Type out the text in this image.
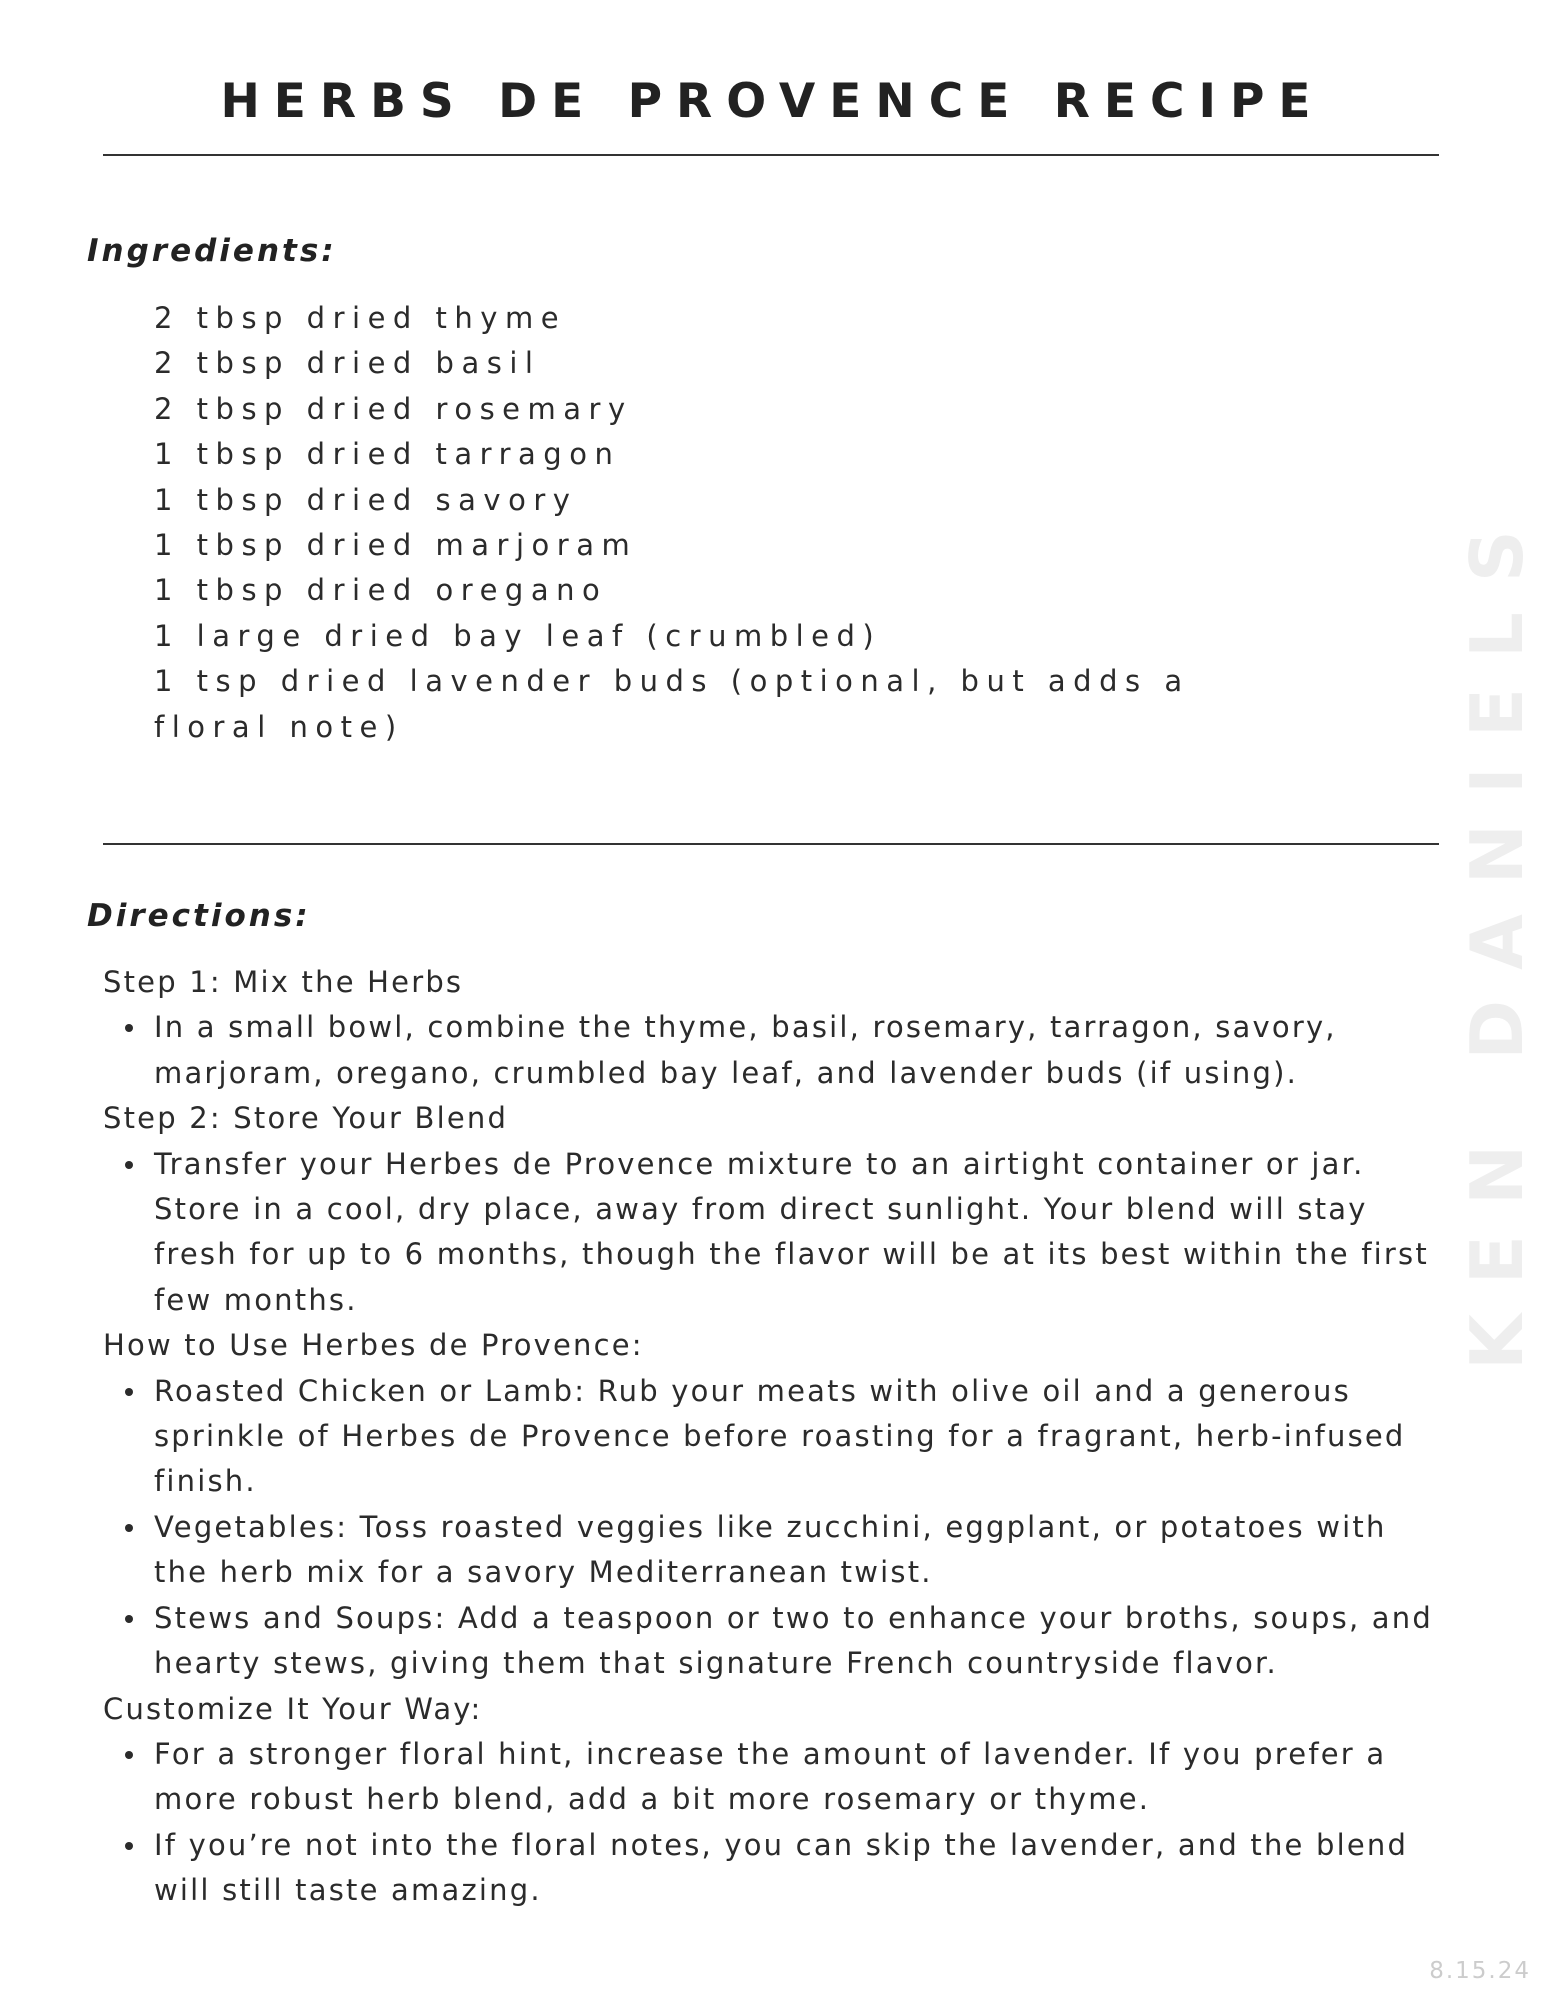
HERBS DE PROVENCE RECIPE
Ingredients:
2 tbsp dried thyme
2 tbsp dried basil
2 tbsp dried rosemary
1 tbsp dried tarragon
1 tbsp dried savory
1 tbsp dried marjoram
1 tbsp dried oregano
1 large dried bay leaf (crumbled)
1 tsp dried lavender buds (optional, but adds a floral note)
Directions:

Step 1: Mix the Herbs

In a small bowl, combine the thyme, basil, rosemary, tarragon, savory, marjoram, oregano, crumbled bay leaf, and lavender buds (if using).

Step 2: Store Your Blend

Transfer your Herbes de Provence mixture to an airtight container or jar. Store in a cool, dry place, away from direct sunlight. Your blend will stay fresh for up to 6 months, though the flavor will be at its best within the first few months.

How to Use Herbes de Provence:

Roasted Chicken or Lamb: Rub your meats with olive oil and a generous sprinkle of Herbes de Provence before roasting for a fragrant, herb-infused finish.
Vegetables: Toss roasted veggies like zucchini, eggplant, or potatoes with the herb mix for a savory Mediterranean twist.
Stews and Soups: Add a teaspoon or two to enhance your broths, soups, and hearty stews, giving them that signature French countryside flavor.

Customize It Your Way:

For a stronger floral hint, increase the amount of lavender. If you prefer a more robust herb blend, add a bit more rosemary or thyme.
If you’re not into the floral notes, you can skip the lavender, and the blend will still taste amazing.
KEN DANIELS
8.15.24
